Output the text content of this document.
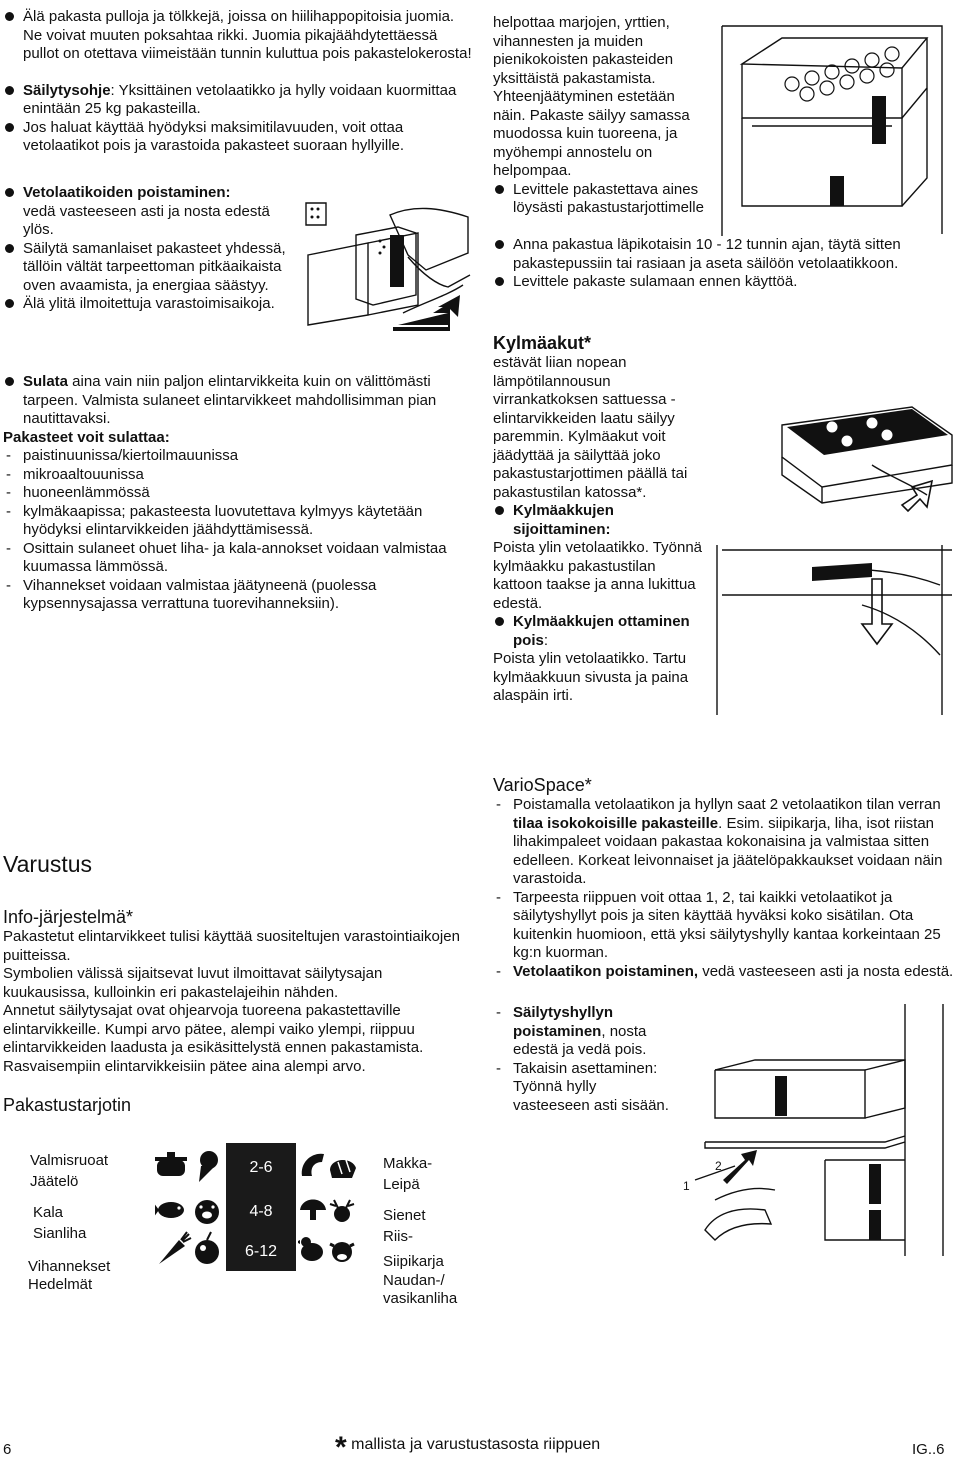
Älä pakasta pulloja ja tölkkejä, joissa on hiilihappopitoisia juomia. Ne voivat muuten poksahtaa rikki. Juomia pikajäähdytettäessä pullot on otettava viimeistään tunnin kuluttua pois pakastelokerosta!

Säilytysohje: Yksittäinen vetolaatikko ja hylly voidaan kuormittaa enintään 25 kg pakasteilla.

Jos haluat käyttää hyödyksi maksimitilavuuden, voit ottaa vetolaatikot pois ja varastoida pakasteet suoraan hyllyille.

Vetolaatikoiden poistaminen:
vedä vasteeseen asti ja nosta edestä ylös.

Säilytä samanlaiset pakasteet yhdessä, tällöin vältät tarpeettoman pitkäaikaista oven avaamista, ja energiaa säästyy.

Älä ylitä ilmoitettuja varastoimisaikoja.

Sulata aina vain niin paljon elintarvikkeita kuin on välittömästi tarpeen. Valmista sulaneet elintarvikkeet mahdollisimman pian nautittavaksi.

Pakasteet voit sulattaa:

- paistinuunissa/kiertoilmauunissa

- mikroaaltouunissa

- huoneenlämmössä

- kylmäkaapissa; pakasteesta luovutettava kylmyys käytetään hyödyksi elintarvikkeiden jäähdyttämisessä.

- Osittain sulaneet ohuet liha- ja kala-annokset voidaan valmistaa kuumassa lämmössä.

- Vihannekset voidaan valmistaa jäätyneenä (puolessa kypsennysajassa verrattuna tuorevihanneksiin).

helpottaa marjojen, yrttien, vihannesten ja muiden pienikokoisten pakasteiden yksittäistä pakastamista. Yhteenjäätyminen estetään näin. Pakaste säilyy samassa muodossa kuin tuoreena, ja myöhempi annostelu on helpompaa.

Levittele pakastettava aines löysästi pakastustarjottimelle

Anna pakastua läpikotaisin 10 - 12 tunnin ajan, täytä sitten pakastepussiin tai rasiaan ja aseta säilöön vetolaatikkoon.

Levittele pakaste sulamaan ennen käyttöä.

Kylmäakut*

estävät liian nopean lämpötilannousun virrankatkoksen sattuessa - elintarvikkeiden laatu säilyy paremmin. Kylmäakut voit jäädyttää ja säilyttää joko pakastustarjottimen päällä tai pakastustilan katossa*.

Kylmäakkujen sijoittaminen:

Poista ylin vetolaatikko. Työnnä kylmäakku pakastustilan kattoon taakse ja anna lukittua edestä.

Kylmäakkujen ottaminen pois:

Poista ylin vetolaatikko. Tartu kylmäakkuun sivusta ja paina alaspäin irti.

Varustus

Info-järjestelmä*

Pakastetut elintarvikkeet tulisi käyttää suositeltujen varastointiaikojen puitteissa.

Symbolien välissä sijaitsevat luvut ilmoittavat säilytysajan kuukausissa, kulloinkin eri pakastelajeihin nähden.

Annetut säilytysajat ovat ohjearvoja tuoreena pakastettaville elintarvikkeille. Kumpi arvo pätee, alempi vaiko ylempi, riippuu elintarvikkeiden laadusta ja esikäsittelystä ennen pakastamista. Rasvaisempiin elintarvikkeisiin pätee aina alempi arvo.

Pakastustarjotin

Valmisruoat
Jäätelö
Kala
Sianliha
Vihannekset
Hedelmät
2-6
4-8
6-12
Makka-
Leipä
Sienet
Riis-
Siipikarja
Naudan-/
vasikanliha

VarioSpace*

- Poistamalla vetolaatikon ja hyllyn saat 2 vetolaatikon tilan verran tilaa isokokoisille pakasteille. Esim. siipikarja, liha, isot riistan lihakimpaleet voidaan pakastaa kokonaisina ja valmistaa sitten edelleen. Korkeat leivonnaiset ja jäätelöpakkaukset voidaan näin varastoida.

- Tarpeesta riippuen voit ottaa 1, 2, tai kaikki vetolaatikot ja säilytyshyllyt pois ja siten käyttää hyväksi koko sisätilan. Ota kuitenkin huomioon, että yksi säilytyshylly kantaa korkeintaan 25 kg:n kuorman.

- Vetolaatikon poistaminen, vedä vasteeseen asti ja nosta edestä.

- Säilytyshyllyn poistaminen, nosta edestä ja vedä pois.

- Takaisin asettaminen: Työnnä hylly vasteeseen asti sisään.

1
2
6	* mallista ja varustustasosta riippuen	IG..6
